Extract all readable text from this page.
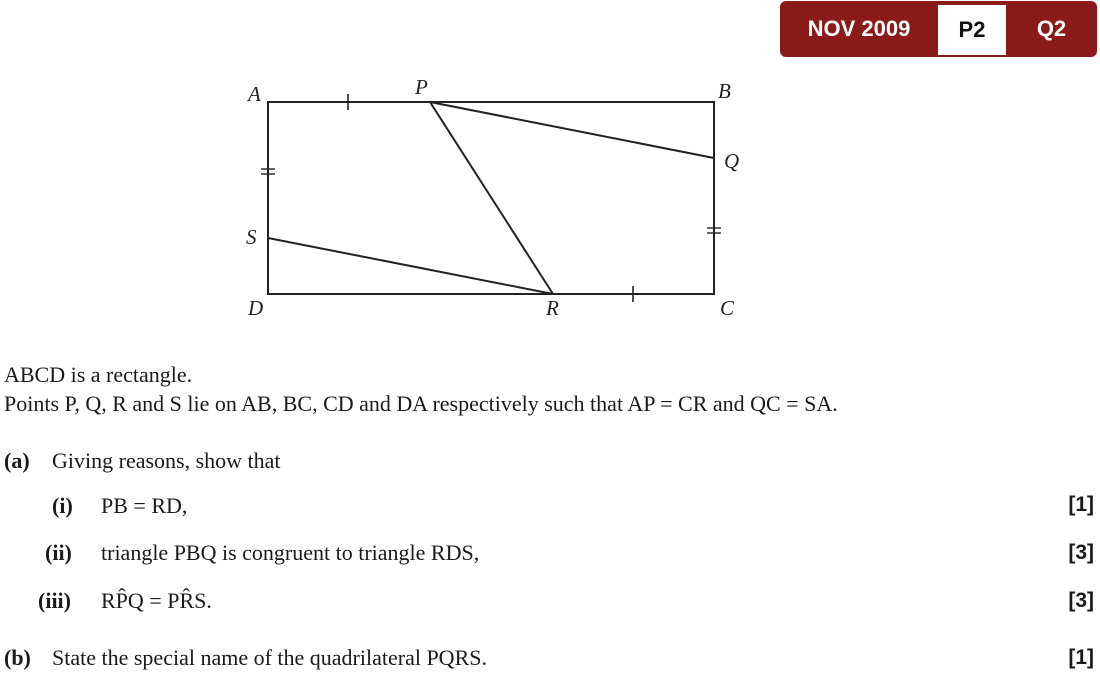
NOV 2009	P2	Q2
A	P	B
Q
S
D	R	C
ABCD is a rectangle.
Points P, Q, R and S lie on AB, BC, CD and DA respectively such that AP = CR and QC = SA.
(a) Giving reasons, show that
(i) PB = RD,	[1]
(ii) triangle PBQ is congruent to triangle RDS,	[3]
(iii) RP̂Q = PR̂S.	[3]
(b) State the special name of the quadrilateral PQRS.	[1]
